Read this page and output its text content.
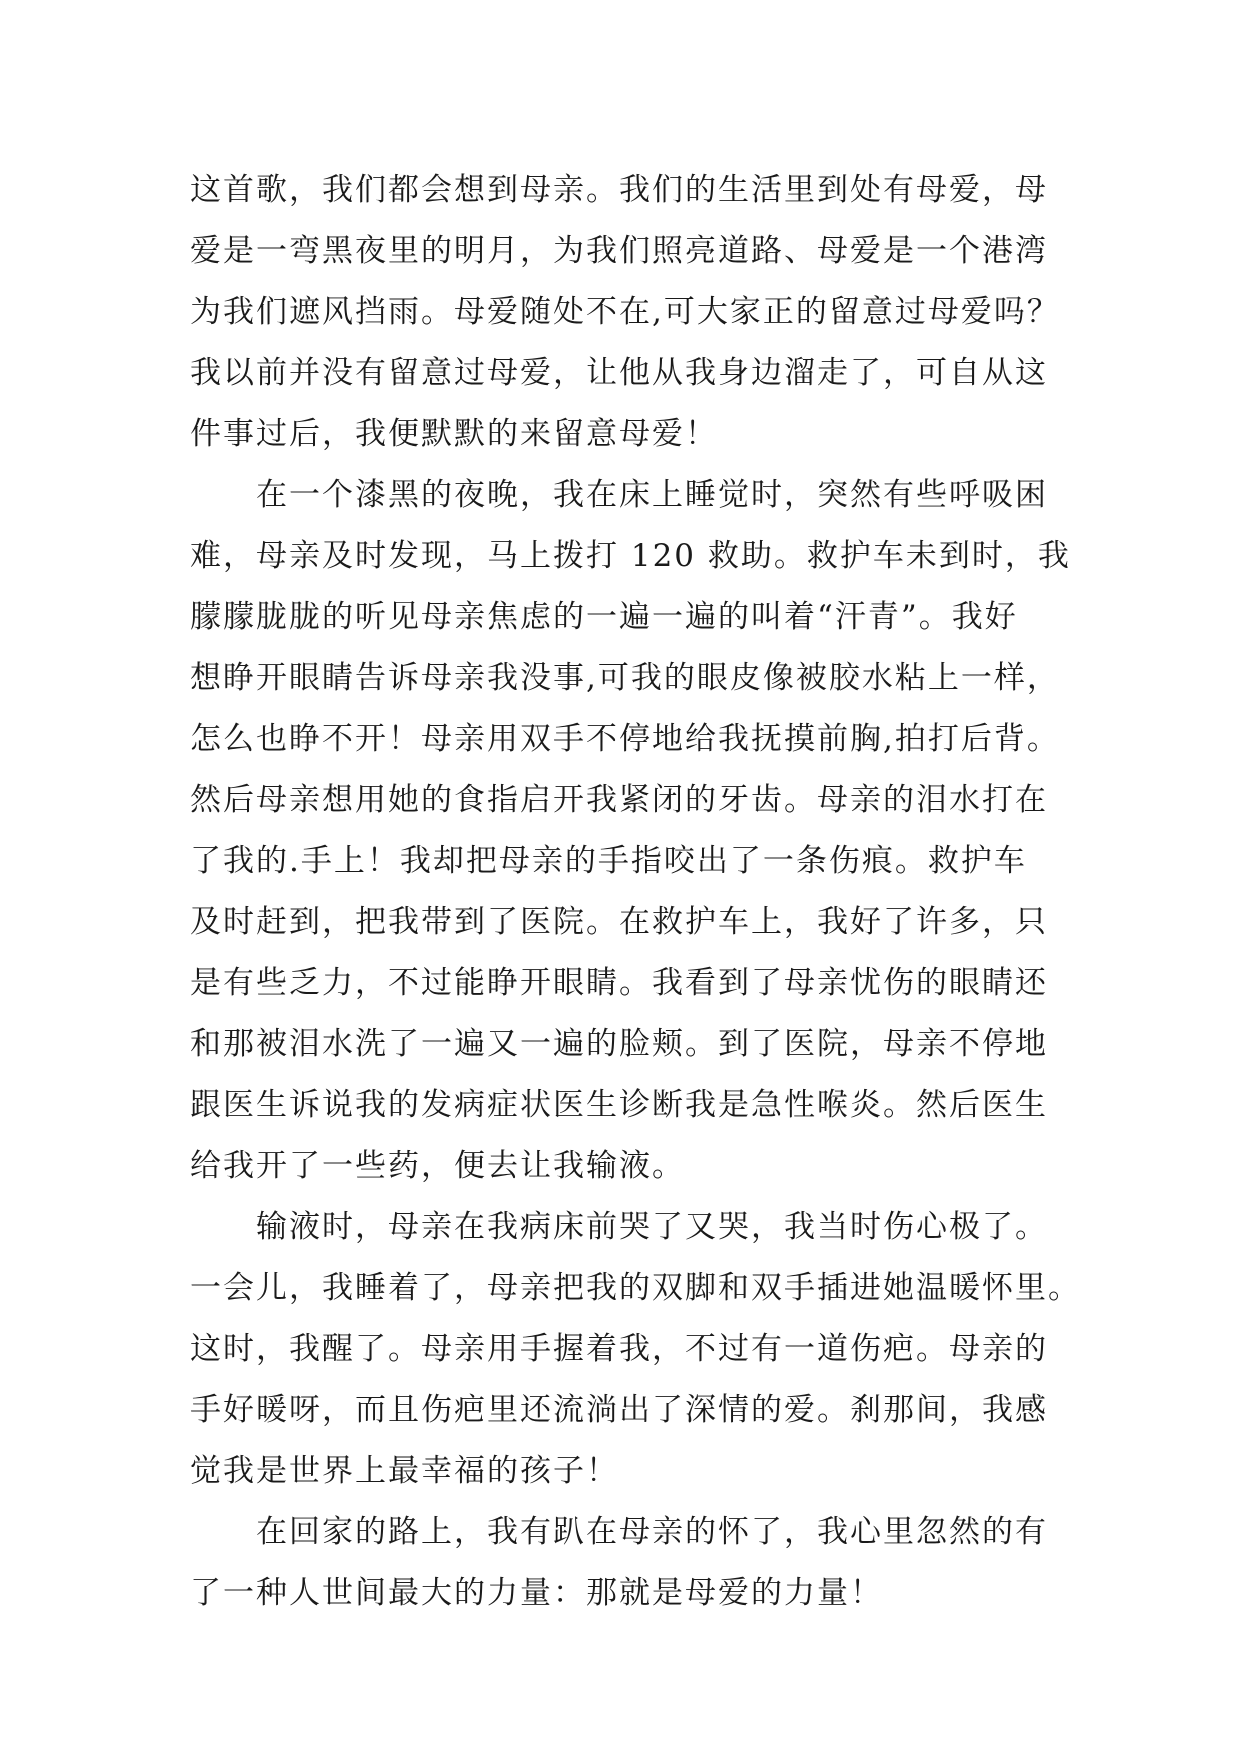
这首歌，我们都会想到母亲。我们的生活里到处有母爱，母
爱是一弯黑夜里的明月，为我们照亮道路、母爱是一个港湾
为我们遮风挡雨。母爱随处不在,可大家正的留意过母爱吗？
我以前并没有留意过母爱，让他从我身边溜走了，可自从这
件事过后，我便默默的来留意母爱！
在一个漆黑的夜晚，我在床上睡觉时，突然有些呼吸困
难，母亲及时发现，马上拨打 120 救助。救护车未到时，我
朦朦胧胧的听见母亲焦虑的一遍一遍的叫着“汗青”。我好
想睁开眼睛告诉母亲我没事,可我的眼皮像被胶水粘上一样，
怎么也睁不开！母亲用双手不停地给我抚摸前胸,拍打后背。
然后母亲想用她的食指启开我紧闭的牙齿。母亲的泪水打在
了我的.手上！我却把母亲的手指咬出了一条伤痕。救护车
及时赶到，把我带到了医院。在救护车上，我好了许多，只
是有些乏力，不过能睁开眼睛。我看到了母亲忧伤的眼睛还
和那被泪水洗了一遍又一遍的脸颊。到了医院，母亲不停地
跟医生诉说我的发病症状医生诊断我是急性喉炎。然后医生
给我开了一些药，便去让我输液。
输液时，母亲在我病床前哭了又哭，我当时伤心极了。
一会儿，我睡着了，母亲把我的双脚和双手插进她温暖怀里。
这时，我醒了。母亲用手握着我，不过有一道伤疤。母亲的
手好暖呀，而且伤疤里还流淌出了深情的爱。刹那间，我感
觉我是世界上最幸福的孩子！
在回家的路上，我有趴在母亲的怀了，我心里忽然的有
了一种人世间最大的力量：那就是母爱的力量！
